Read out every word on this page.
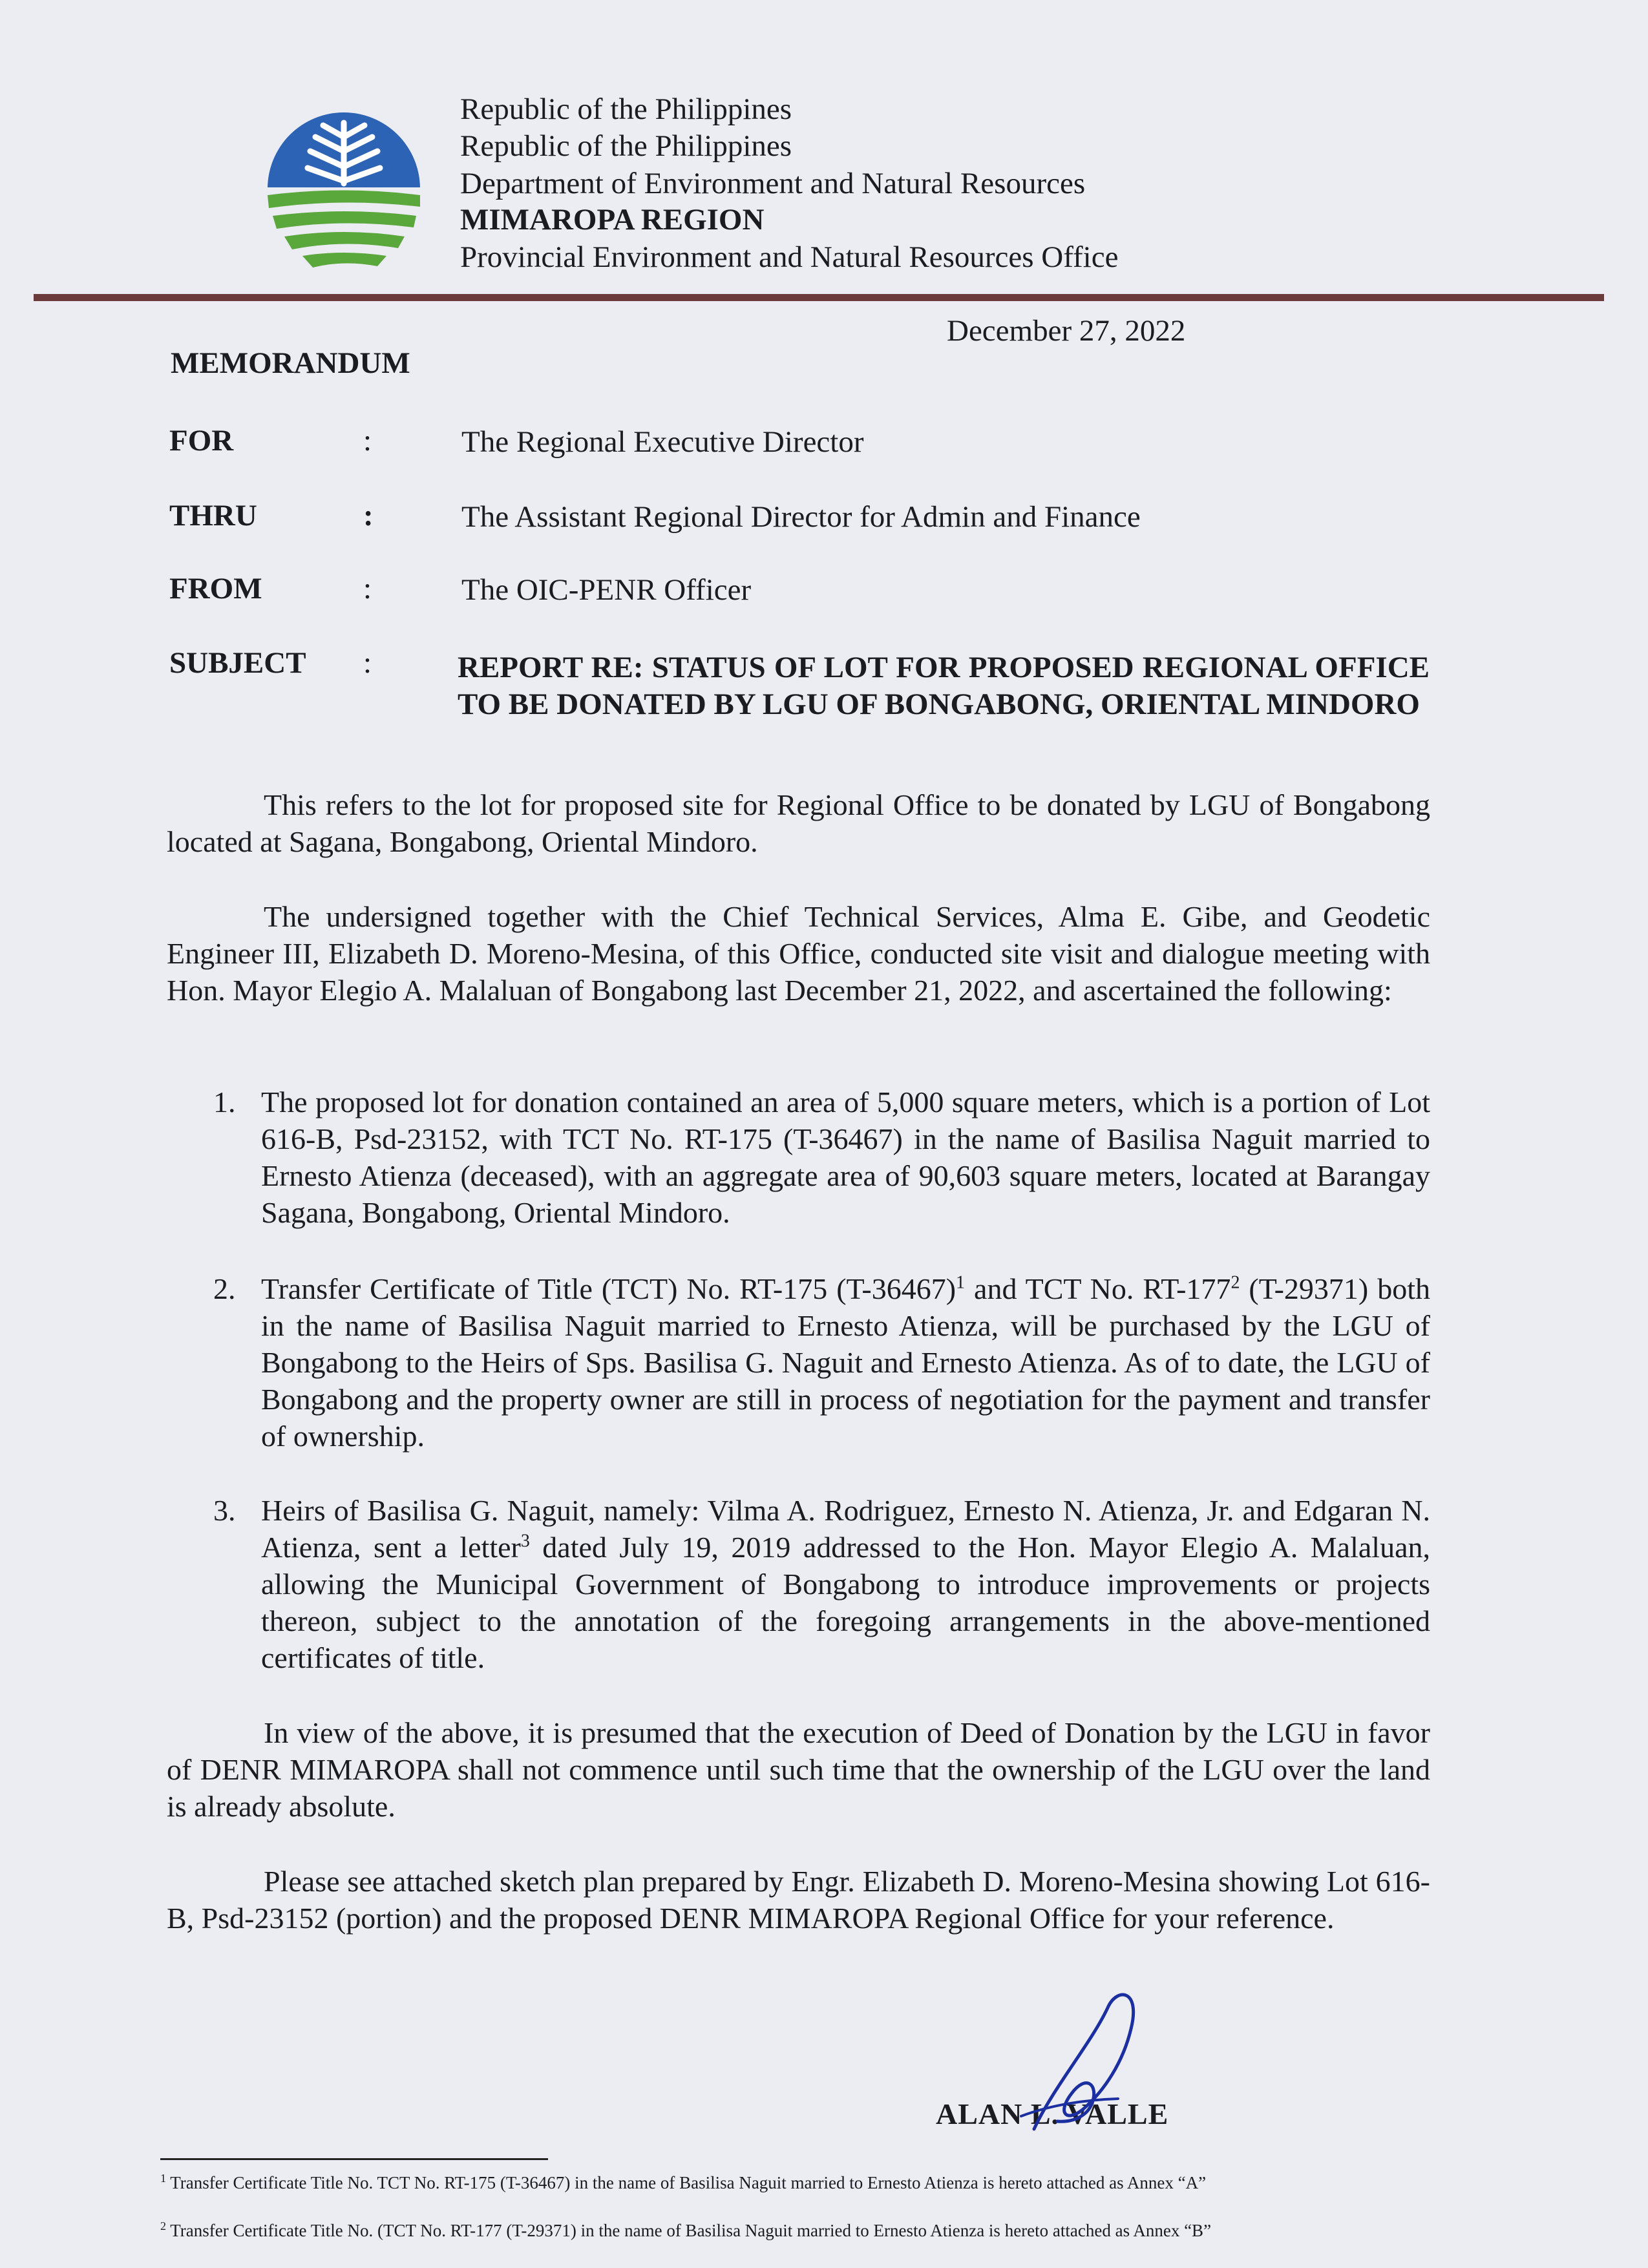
Republic of the Philippines
Republic of the Philippines
Department of Environment and Natural Resources
MIMAROPA REGION
Provincial Environment and Natural Resources Office
December 27, 2022
MEMORANDUM
FOR	:	The Regional Executive Director
THRU	:	The Assistant Regional Director for Admin and Finance
FROM	:	The OIC-PENR Officer
SUBJECT :	REPORT RE: STATUS OF LOT FOR PROPOSED REGIONAL OFFICE TO BE DONATED BY LGU OF BONGABONG, ORIENTAL MINDORO
This refers to the lot for proposed site for Regional Office to be donated by LGU of Bongabong located at Sagana, Bongabong, Oriental Mindoro.
The undersigned together with the Chief Technical Services, Alma E. Gibe, and Geodetic Engineer III, Elizabeth D. Moreno-Mesina, of this Office, conducted site visit and dialogue meeting with Hon. Mayor Elegio A. Malaluan of Bongabong last December 21, 2022, and ascertained the following:
1. The proposed lot for donation contained an area of 5,000 square meters, which is a portion of Lot 616-B, Psd-23152, with TCT No. RT-175 (T-36467) in the name of Basilisa Naguit married to Ernesto Atienza (deceased), with an aggregate area of 90,603 square meters, located at Barangay Sagana, Bongabong, Oriental Mindoro.
2. Transfer Certificate of Title (TCT) No. RT-175 $(T-36467)^1$ and TCT No. $RT-177^2$ (T-29371) both in the name of Basilisa Naguit married to Ernesto Atienza, will be purchased by the LGU of Bongabong to the Heirs of Sps. Basilisa G. Naguit and Ernesto Atienza. As of to date, the LGU of Bongabong and the property owner are still in process of negotiation for the payment and transfer of ownership.
3. Heirs of Basilisa G. Naguit, namely: Vilma A. Rodriguez, Ernesto N. Atienza, Jr. and Edgaran N. Atienza, sent a letter$^3$ dated July 19, 2019 addressed to the Hon. Mayor Elegio A. Malaluan, allowing the Municipal Government of Bongabong to introduce improvements or projects thereon, subject to the annotation of the foregoing arrangements in the above-mentioned certificates of title.
In view of the above, it is presumed that the execution of Deed of Donation by the LGU in favor of DENR MIMAROPA shall not commence until such time that the ownership of the LGU over the land is already absolute.
Please see attached sketch plan prepared by Engr. Elizabeth D. Moreno-Mesina showing Lot 616-B, Psd-23152 (portion) and the proposed DENR MIMAROPA Regional Office for your reference.
ALAN L. VALLE
$^1$ Transfer Certificate Title No. TCT No. RT-175 (T-36467) in the name of Basilisa Naguit married to Ernesto Atienza is hereto attached as Annex “A”
$^2$ Transfer Certificate Title No. (TCT No. RT-177 (T-29371) in the name of Basilisa Naguit married to Ernesto Atienza is hereto attached as Annex “B”
